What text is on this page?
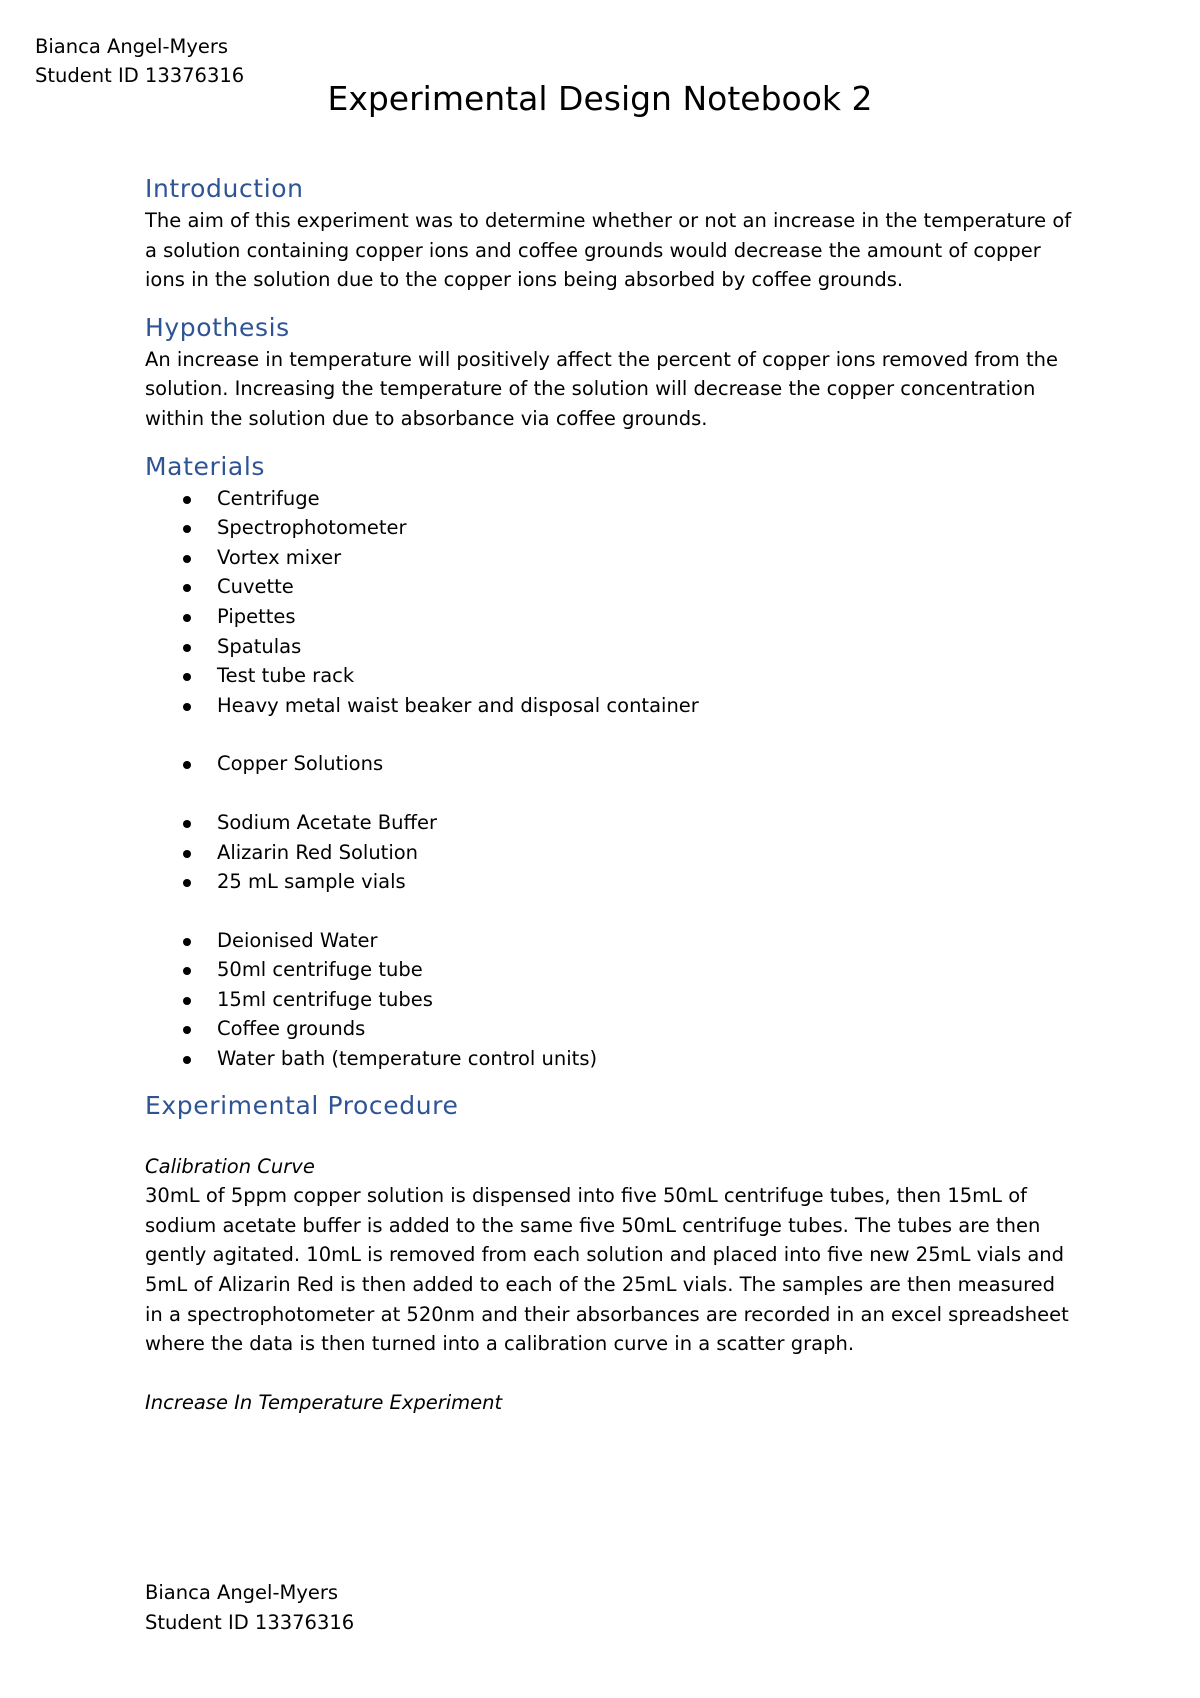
Bianca Angel-Myers
Student ID 13376316
Experimental Design Notebook 2
Introduction

The aim of this experiment was to determine whether or not an increase in the temperature of a solution containing copper ions and coffee grounds would decrease the amount of copper ions in the solution due to the copper ions being absorbed by coffee grounds.

Hypothesis

An increase in temperature will positively affect the percent of copper ions removed from the solution. Increasing the temperature of the solution will decrease the copper concentration within the solution due to absorbance via coffee grounds.

Materials
Centrifuge
Spectrophotometer
Vortex mixer
Cuvette
Pipettes
Spatulas
Test tube rack
Heavy metal waist beaker and disposal container
Copper Solutions
Sodium Acetate Buffer
Alizarin Red Solution
25 mL sample vials
Deionised Water
50ml centrifuge tube
15ml centrifuge tubes
Coffee grounds
Water bath (temperature control units)
Experimental Procedure

Calibration Curve

30mL of 5ppm copper solution is dispensed into five 50mL centrifuge tubes, then 15mL of sodium acetate buffer is added to the same five 50mL centrifuge tubes. The tubes are then gently agitated. 10mL is removed from each solution and placed into five new 25mL vials and 5mL of Alizarin Red is then added to each of the 25mL vials. The samples are then measured in a spectrophotometer at 520nm and their absorbances are recorded in an excel spreadsheet where the data is then turned into a calibration curve in a scatter graph.

Increase In Temperature Experiment

Bianca Angel-Myers
Student ID 13376316
